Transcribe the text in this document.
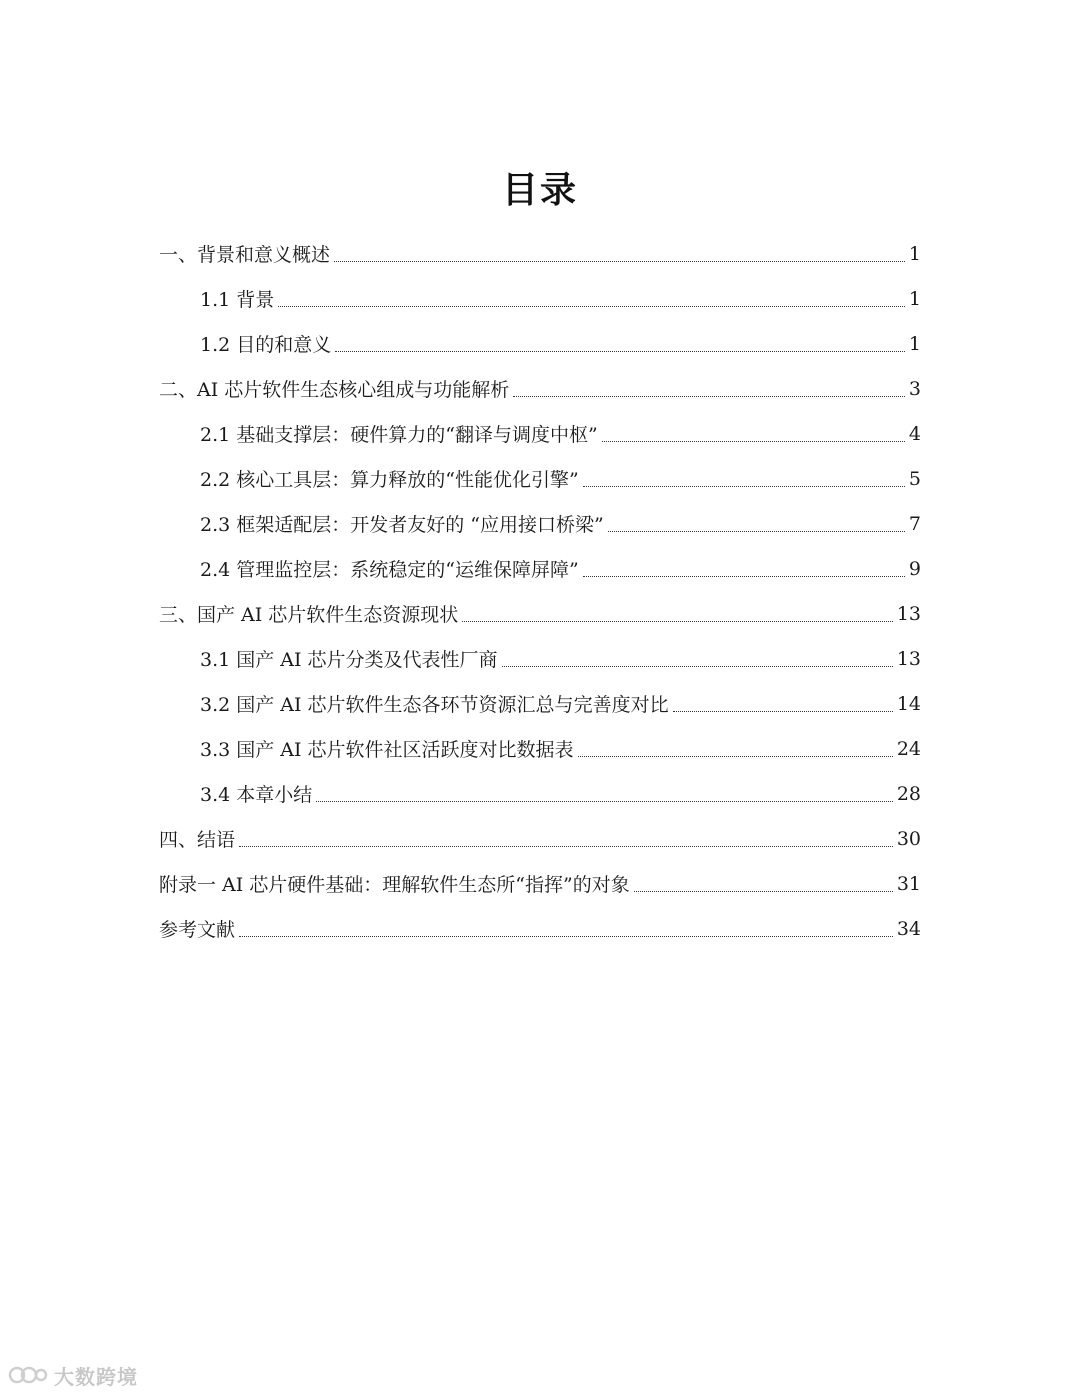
目录
一、背景和意义概述	1
1.1 背景	1
1.2 目的和意义	1
二、AI 芯片软件生态核心组成与功能解析	3
2.1 基础支撑层：硬件算力的“翻译与调度中枢”	4
2.2 核心工具层：算力释放的“性能优化引擎”	5
2.3 框架适配层：开发者友好的 “应用接口桥梁”	7
2.4 管理监控层：系统稳定的“运维保障屏障”	9
三、国产 AI 芯片软件生态资源现状	13
3.1 国产 AI 芯片分类及代表性厂商	13
3.2 国产 AI 芯片软件生态各环节资源汇总与完善度对比	14
3.3 国产 AI 芯片软件社区活跃度对比数据表	24
3.4 本章小结	28
四、结语	30
附录一 AI 芯片硬件基础：理解软件生态所“指挥”的对象	31
参考文献	34
大数跨境
